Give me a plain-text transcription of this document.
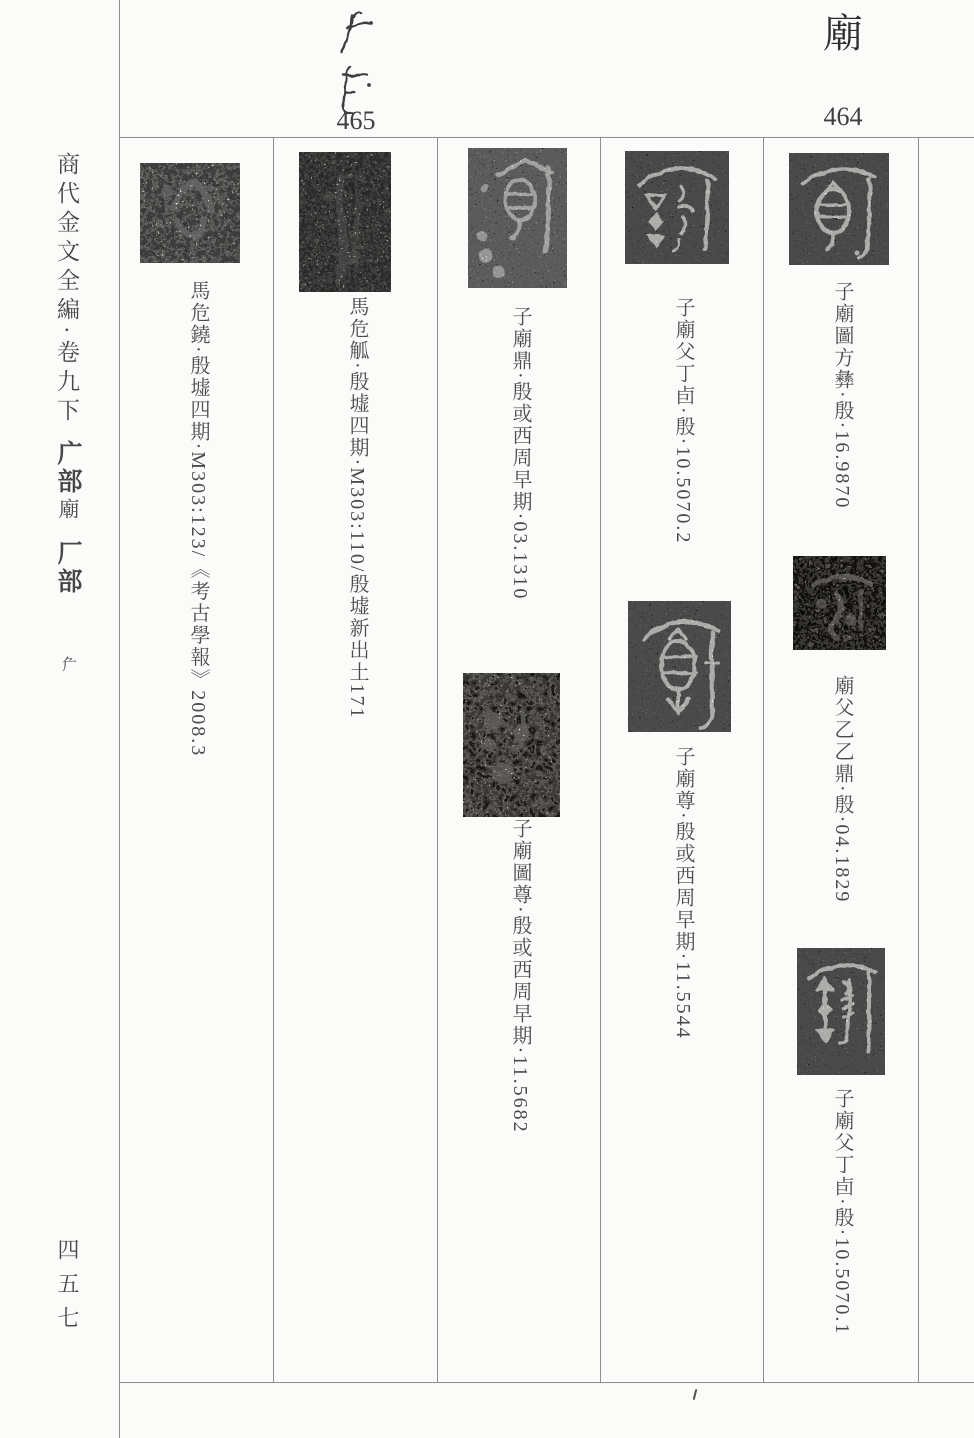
商代金文全編·卷九下
广部
廟
厂部
厃
四五七
465
廟
464
馬危鐃·殷墟四期·M303:123/《考古學報》2008.3	馬危觚·殷墟四期·M303:110/殷墟新出土171	子廟鼎·殷或西周早期·03.1310
子廟圖尊·殷或西周早期·11.5682
子廟父丁卣·殷·10.5070.2
子廟尊·殷或西周早期·11.5544
子廟圖方彝·殷·16.9870
廟父乙乙鼎·殷·04.1829
子廟父丁卣·殷·10.5070.1
